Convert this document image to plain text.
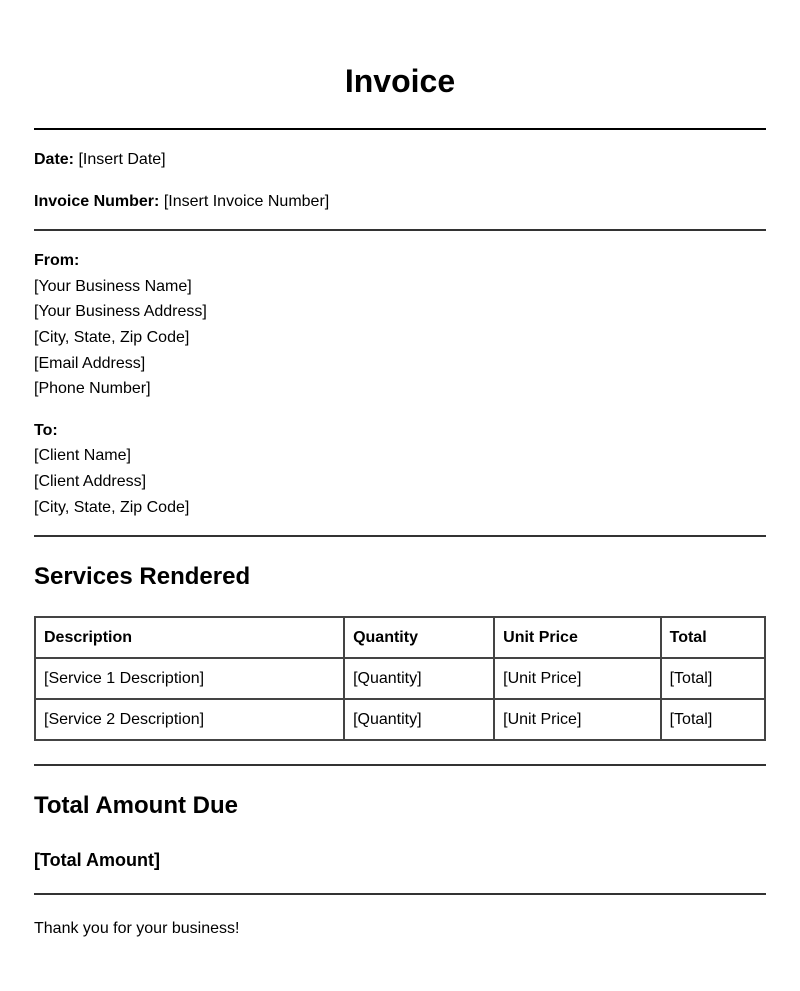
Invoice
Date: [Insert Date]
Invoice Number: [Insert Invoice Number]
From:
[Your Business Name]
[Your Business Address]
[City, State, Zip Code]
[Email Address]
[Phone Number]
To:
[Client Name]
[Client Address]
[City, State, Zip Code]
Services Rendered
Description	Quantity	Unit Price	Total
[Service 1 Description]	[Quantity]	[Unit Price]	[Total]
[Service 2 Description]	[Quantity]	[Unit Price]	[Total]
Total Amount Due
[Total Amount]
Thank you for your business!
